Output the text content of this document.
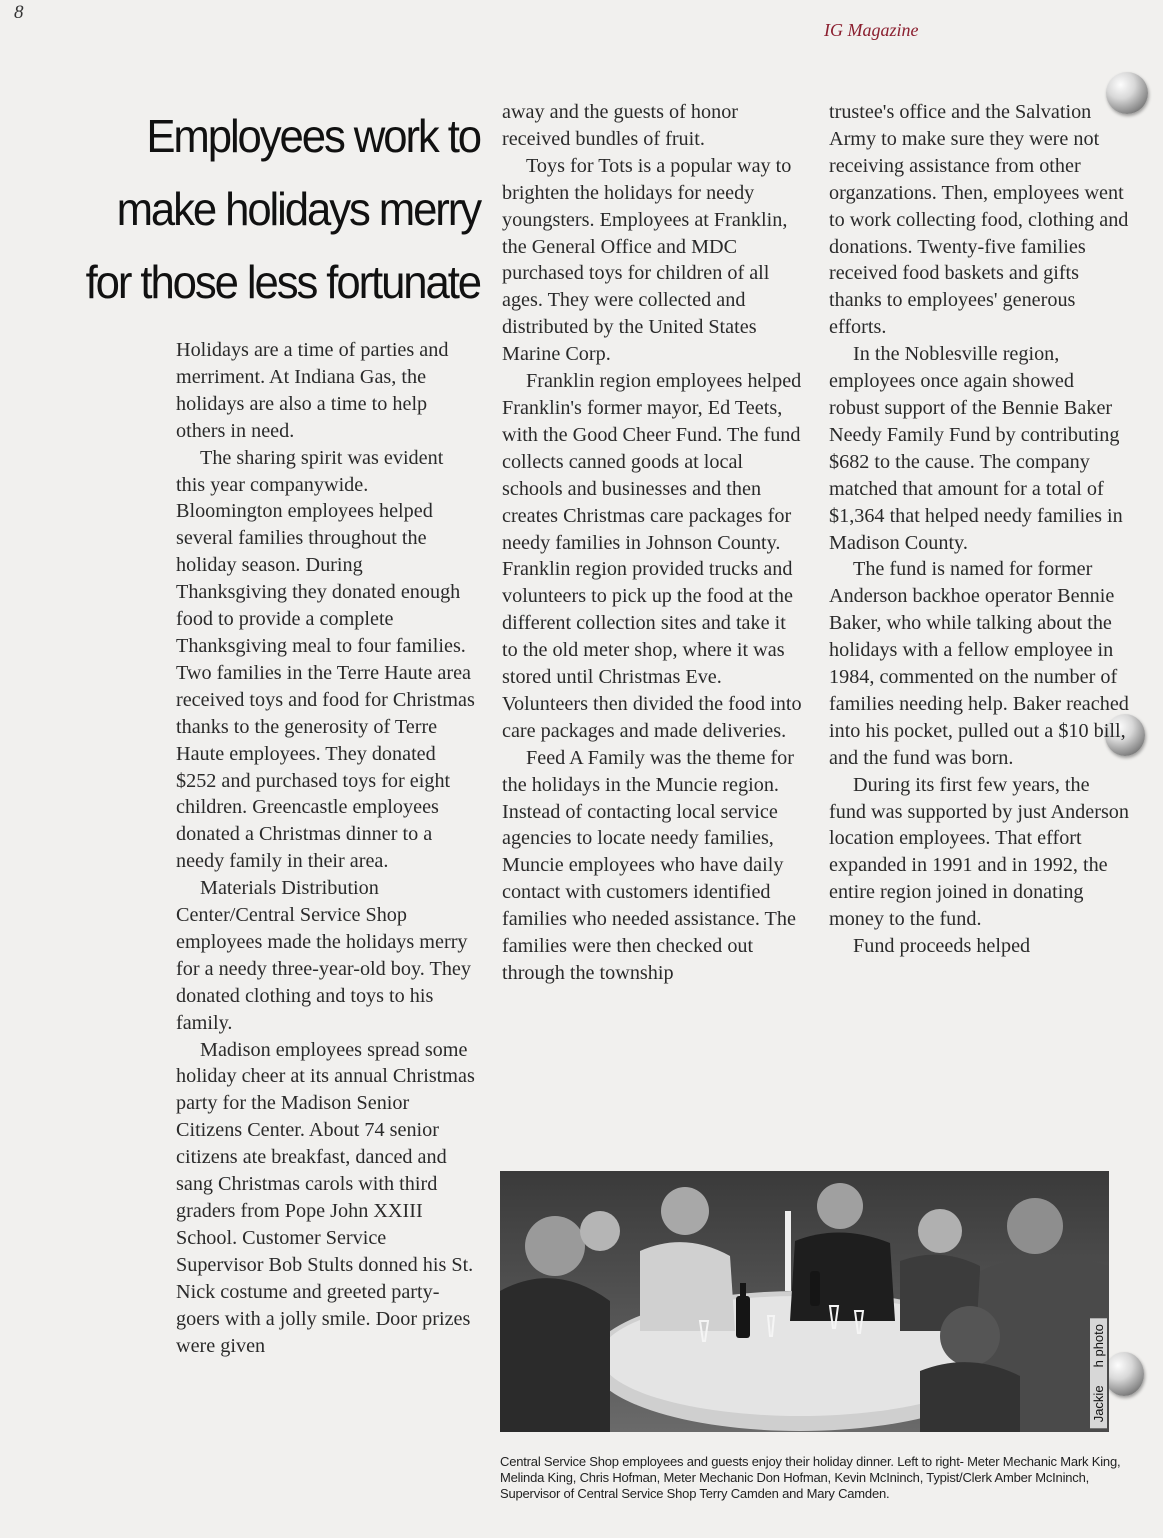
8
IG Magazine
Employees work to
make holidays merry
for those less fortunate

Holidays are a time of parties and merriment. At Indiana Gas, the holidays are also a time to help others in need.

The sharing spirit was evident this year companywide. Bloomington employees helped several families throughout the holiday season. During Thanksgiving they donated enough food to provide a complete Thanksgiving meal to four families. Two families in the Terre Haute area received toys and food for Christmas thanks to the generosity of Terre Haute employees. They donated $252 and purchased toys for eight children. Greencastle employees donated a Christmas dinner to a needy family in their area.

Materials Distribution Center/Central Service Shop employees made the holidays merry for a needy three-year-old boy. They donated clothing and toys to his family.

Madison employees spread some holiday cheer at its annual Christmas party for the Madison Senior Citizens Center. About 74 senior citizens ate breakfast, danced and sang Christmas carols with third graders from Pope John XXIII School. Customer Service Supervisor Bob Stults donned his St. Nick costume and greeted party-goers with a jolly smile. Door prizes were given

away and the guests of honor received bundles of fruit.

Toys for Tots is a popular way to brighten the holidays for needy youngsters. Employees at Franklin, the General Office and MDC purchased toys for children of all ages. They were collected and distributed by the United States Marine Corp.

Franklin region employees helped Franklin's former mayor, Ed Teets, with the Good Cheer Fund. The fund collects canned goods at local schools and businesses and then creates Christmas care packages for needy families in Johnson County. Franklin region provided trucks and volunteers to pick up the food at the different collection sites and take it to the old meter shop, where it was stored until Christmas Eve. Volunteers then divided the food into care packages and made deliveries.

Feed A Family was the theme for the holidays in the Muncie region. Instead of contacting local service agencies to locate needy families, Muncie employees who have daily contact with customers identified families who needed assistance. The families were then checked out through the township

trustee's office and the Salvation Army to make sure they were not receiving assistance from other organzations. Then, employees went to work collecting food, clothing and donations. Twenty-five families received food baskets and gifts thanks to employees' generous efforts.

In the Noblesville region, employees once again showed robust support of the Bennie Baker Needy Family Fund by contributing $682 to the cause. The company matched that amount for a total of $1,364 that helped needy families in Madison County.

The fund is named for former Anderson backhoe operator Bennie Baker, who while talking about the holidays with a fellow employee in 1984, commented on the number of families needing help. Baker reached into his pocket, pulled out a $10 bill, and the fund was born.

During its first few years, the fund was supported by just Anderson location employees. That effort expanded in 1991 and in 1992, the entire region joined in donating money to the fund.

Fund proceeds helped

Jackie     h photo

Central Service Shop employees and guests enjoy their holiday dinner. Left to right- Meter Mechanic Mark King, Melinda King, Chris Hofman, Meter Mechanic Don Hofman, Kevin McIninch, Typist/Clerk Amber McIninch, Supervisor of Central Service Shop Terry Camden and Mary Camden.
